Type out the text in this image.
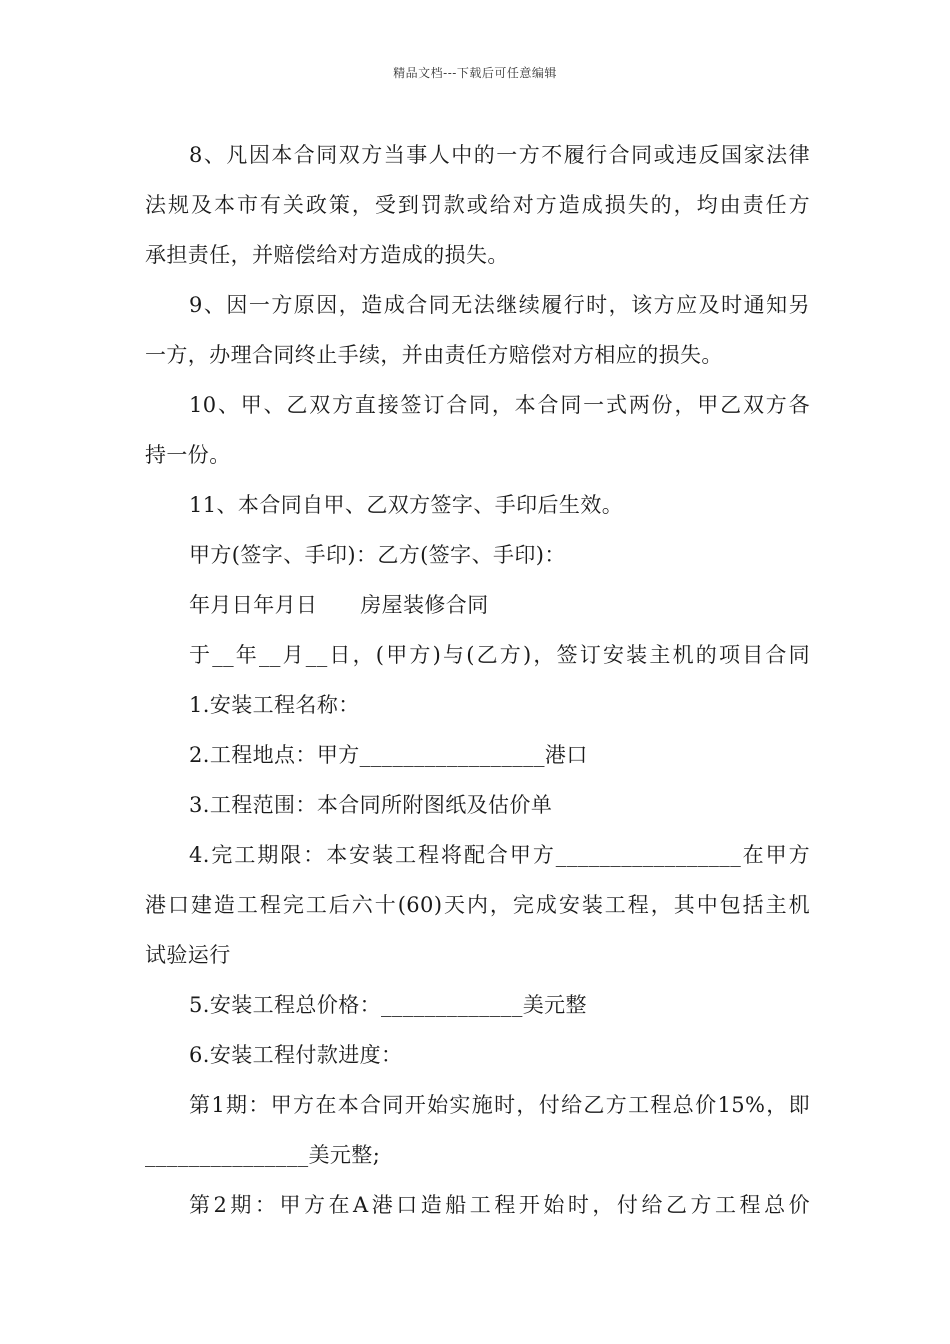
精品文档---下载后可任意编辑

8、凡因本合同双方当事人中的一方不履行合同或违反国家法律

法规及本市有关政策，受到罚款或给对方造成损失的，均由责任方

承担责任，并赔偿给对方造成的损失。

9、因一方原因，造成合同无法继续履行时，该方应及时通知另

一方，办理合同终止手续，并由责任方赔偿对方相应的损失。

10、甲、乙双方直接签订合同，本合同一式两份，甲乙双方各

持一份。

11、本合同自甲、乙双方签字、手印后生效。

甲方(签字、手印)：乙方(签字、手印)：

年月日年月日　　房屋装修合同

于__年__月__日，(甲方)与(乙方)，签订安装主机的项目合同

1.安装工程名称：

2.工程地点：甲方_________________港口

3.工程范围：本合同所附图纸及估价单

4.完工期限：本安装工程将配合甲方_________________在甲方

港口建造工程完工后六十(60)天内，完成安装工程，其中包括主机

试验运行

5.安装工程总价格：_____________美元整

6.安装工程付款进度：

第1期：甲方在本合同开始实施时，付给乙方工程总价15%，即

_______________美元整;

第2期：甲方在A港口造船工程开始时，付给乙方工程总价
